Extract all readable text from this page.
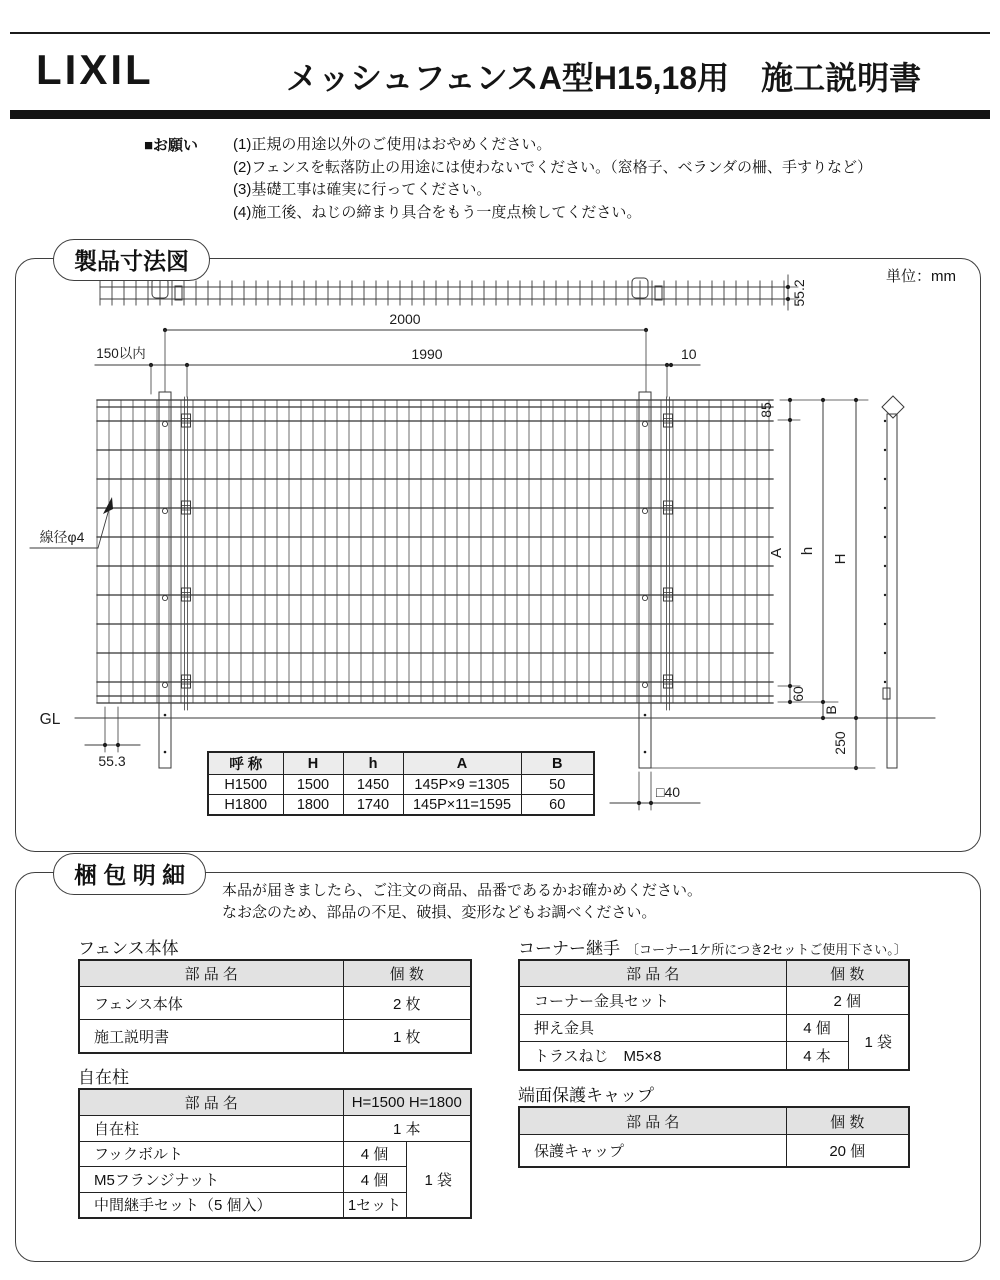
LIXIL	メッシュフェンスA型H15,18用　施工説明書
■お願い (1)正規の用途以外のご使用はおやめください。
(2)フェンスを転落防止の用途には使わないでください。（窓格子、ベランダの柵、手すりなど）
(3)基礎工事は確実に行ってください。
(4)施工後、ねじの締まり具合をもう一度点検してください。
製品寸法図
単位：mm
2000
1990
150以内	10
55.2
85
A h
H
60
B
250
55.3
□40
GL
線径φ4
呼 称	H	h	A	B
H1500	1500	1450	145P×9 =1305	50
H1800	1800	1740	145P×11=1595	60
梱 包 明 細
本品が届きましたら、ご注文の商品、品番であるかお確かめください。
なお念のため、部品の不足、破損、変形などもお調べください。
フェンス本体
部 品 名	個 数
フェンス本体	2 枚
施工説明書	1 枚
自在柱
部 品 名	H=1500 H=1800	
自在柱	1 本	
フックボルト	4 個	1 袋
M5フランジナット	4 個	
中間継手セット（5 個入）	1セット	
コーナー継手 〔コーナー1ケ所につき2セットご使用下さい。〕
部 品 名	個 数	
コーナー金具セット	2 個	
押え金具	4 個	1 袋
トラスねじ　M5×8	4 本	
端面保護キャップ
部 品 名	個 数
保護キャップ	20 個
